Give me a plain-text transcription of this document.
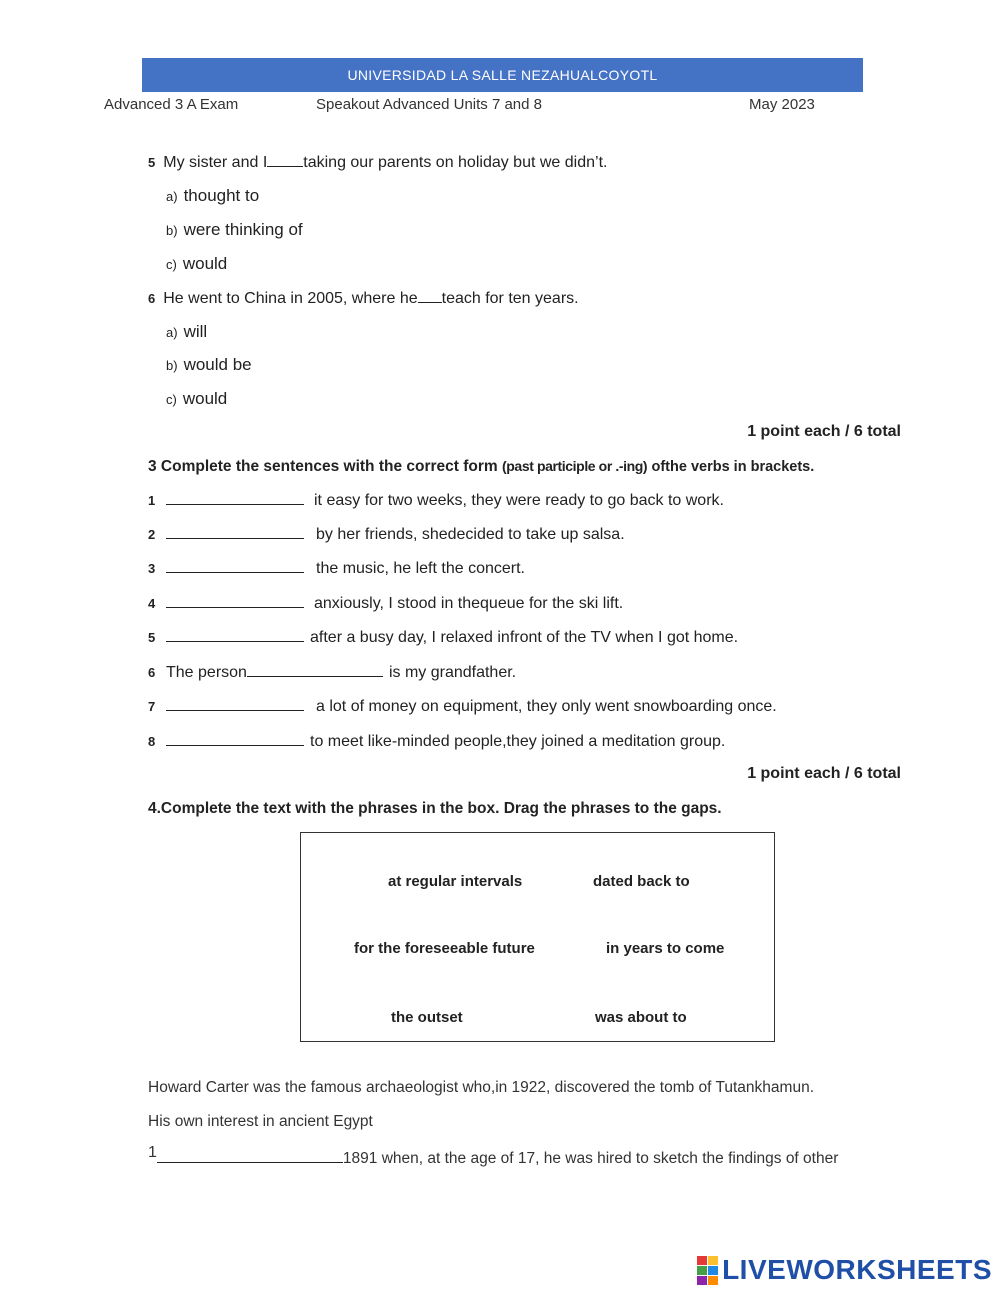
UNIVERSIDAD LA SALLE NEZAHUALCOYOTL
Advanced 3 A Exam	Speakout Advanced Units 7 and 8	May 2023
5 My sister and I taking our parents on holiday but we didn’t.
a) thought to
b) were thinking of
c) would
6 He went to China in 2005, where he teach for ten years.
a) will
b) would be
c) would
1 point each / 6 total
3 Complete the sentences with the correct form (past participle or .-ing) ofthe verbs in brackets.
1	it easy for two weeks, they were ready to go back to work.
2	by her friends, shedecided to take up salsa.
3	the music, he left the concert.
4	anxiously, I stood in thequeue for the ski lift.
5	after a busy day, I relaxed infront of the TV when I got home.
6 The person	is my grandfather.
7	a lot of money on equipment, they only went snowboarding once.
8	to meet like-minded people,they joined a meditation group.
1 point each / 6 total
4.Complete the text with the phrases in the box. Drag the phrases to the gaps.
at regular intervals	dated back to
for the foreseeable future	in years to come
the outset	was about to
Howard Carter was the famous archaeologist who,in 1922, discovered the tomb of Tutankhamun.
His own interest in ancient Egypt
1	1891 when, at the age of 17, he was hired to sketch the findings of other
LIVEWORKSHEETS
